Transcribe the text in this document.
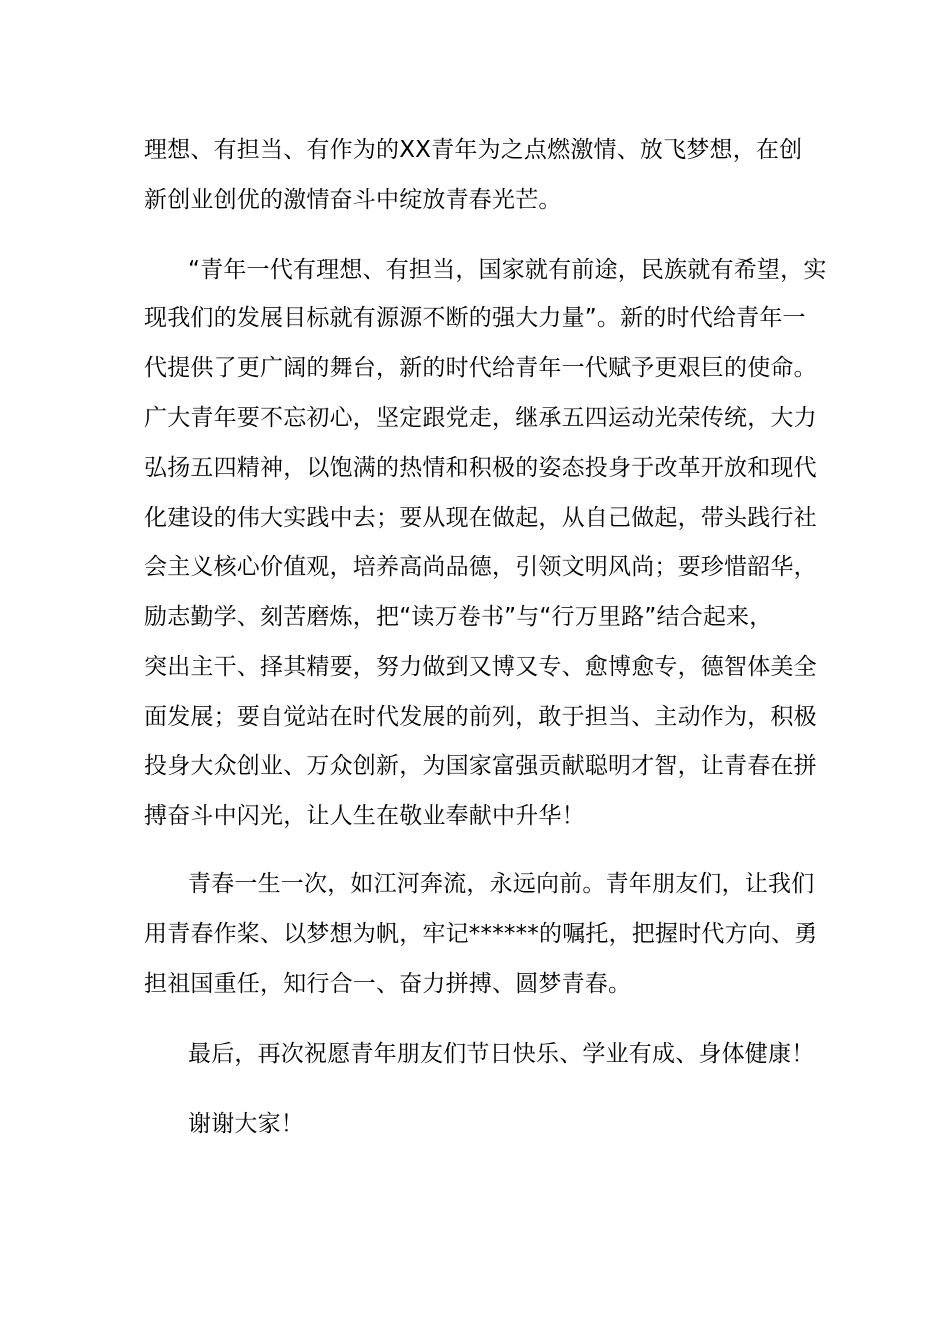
理想、有担当、有作为的XX青年为之点燃激情、放飞梦想，在创
新创业创优的激情奋斗中绽放青春光芒。
“青年一代有理想、有担当，国家就有前途，民族就有希望，实
现我们的发展目标就有源源不断的强大力量”。新的时代给青年一
代提供了更广阔的舞台，新的时代给青年一代赋予更艰巨的使命。
广大青年要不忘初心，坚定跟党走，继承五四运动光荣传统，大力
弘扬五四精神，以饱满的热情和积极的姿态投身于改革开放和现代
化建设的伟大实践中去；要从现在做起，从自己做起，带头践行社
会主义核心价值观，培养高尚品德，引领文明风尚；要珍惜韶华，
励志勤学、刻苦磨炼，把“读万卷书”与“行万里路”结合起来，
突出主干、择其精要，努力做到又博又专、愈博愈专，德智体美全
面发展；要自觉站在时代发展的前列，敢于担当、主动作为，积极
投身大众创业、万众创新，为国家富强贡献聪明才智，让青春在拼
搏奋斗中闪光，让人生在敬业奉献中升华！
青春一生一次，如江河奔流，永远向前。青年朋友们，让我们
用青春作桨、以梦想为帆，牢记******的嘱托，把握时代方向、勇
担祖国重任，知行合一、奋力拼搏、圆梦青春。
最后，再次祝愿青年朋友们节日快乐、学业有成、身体健康！
谢谢大家！
